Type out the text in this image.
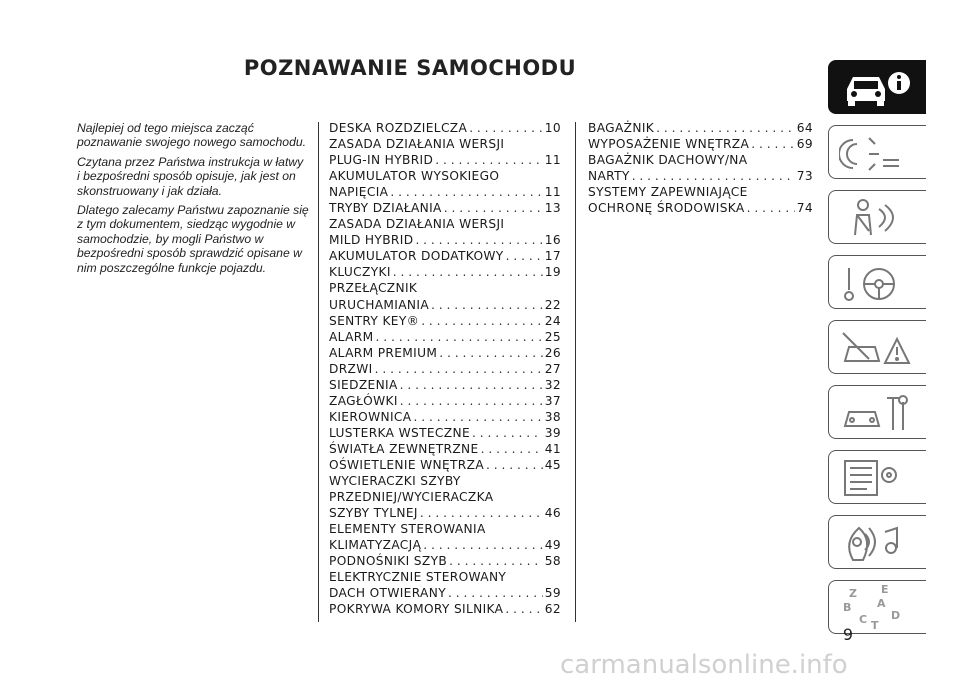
POZNAWANIE SAMOCHODU

Najlepiej od tego miejsca zacząć poznawanie swojego nowego samochodu.

Czytana przez Państwa instrukcja w łatwy i bezpośredni sposób opisuje, jak jest on skonstruowany i jak działa.

Dlatego zalecamy Państwu zapoznanie się z tym dokumentem, siedząc wygodnie w samochodzie, by mogli Państwo w bezpośredni sposób sprawdzić opisane w nim poszczególne funkcje pojazdu.

DESKA ROZDZIELCZA . . .	10
ZASADA DZIAŁANIA WERSJI
PLUG-IN HYBRID . . .	11
AKUMULATOR WYSOKIEGO
NAPIĘCIA . . .	11
TRYBY DZIAŁANIA . . .	13
ZASADA DZIAŁANIA WERSJI
MILD HYBRID . . .	16
AKUMULATOR DODATKOWY . . .	17
KLUCZYKI . . .	19
PRZEŁĄCZNIK
URUCHAMIANIA . . .	22
SENTRY KEY® . . .	24
ALARM . . .	25
ALARM PREMIUM . . .	26
DRZWI . . .	27
SIEDZENIA . . .	32
ZAGŁÓWKI . . .	37
KIEROWNICA . . .	38
LUSTERKA WSTECZNE . . .	39
ŚWIATŁA ZEWNĘTRZNE . . .	41
OŚWIETLENIE WNĘTRZA . . .	45
WYCIERACZKI SZYBY
PRZEDNIEJ/WYCIERACZKA
SZYBY TYLNEJ . . .	46
ELEMENTY STEROWANIA
KLIMATYZACJĄ . . .	49
PODNOŚNIKI SZYB . . .	58
ELEKTRYCZNIE STEROWANY
DACH OTWIERANY . . .	59
POKRYWA KOMORY SILNIKA . . .	62
BAGAŻNIK . . .	64
WYPOSAŻENIE WNĘTRZA . . .	69
BAGAŻNIK DACHOWY/NA
NARTY . . .	73
SYSTEMY ZAPEWNIAJĄCE
OCHRONĘ ŚRODOWISKA . . .	74
Z E
B A
C D
T
9
carmanualsonline.info
